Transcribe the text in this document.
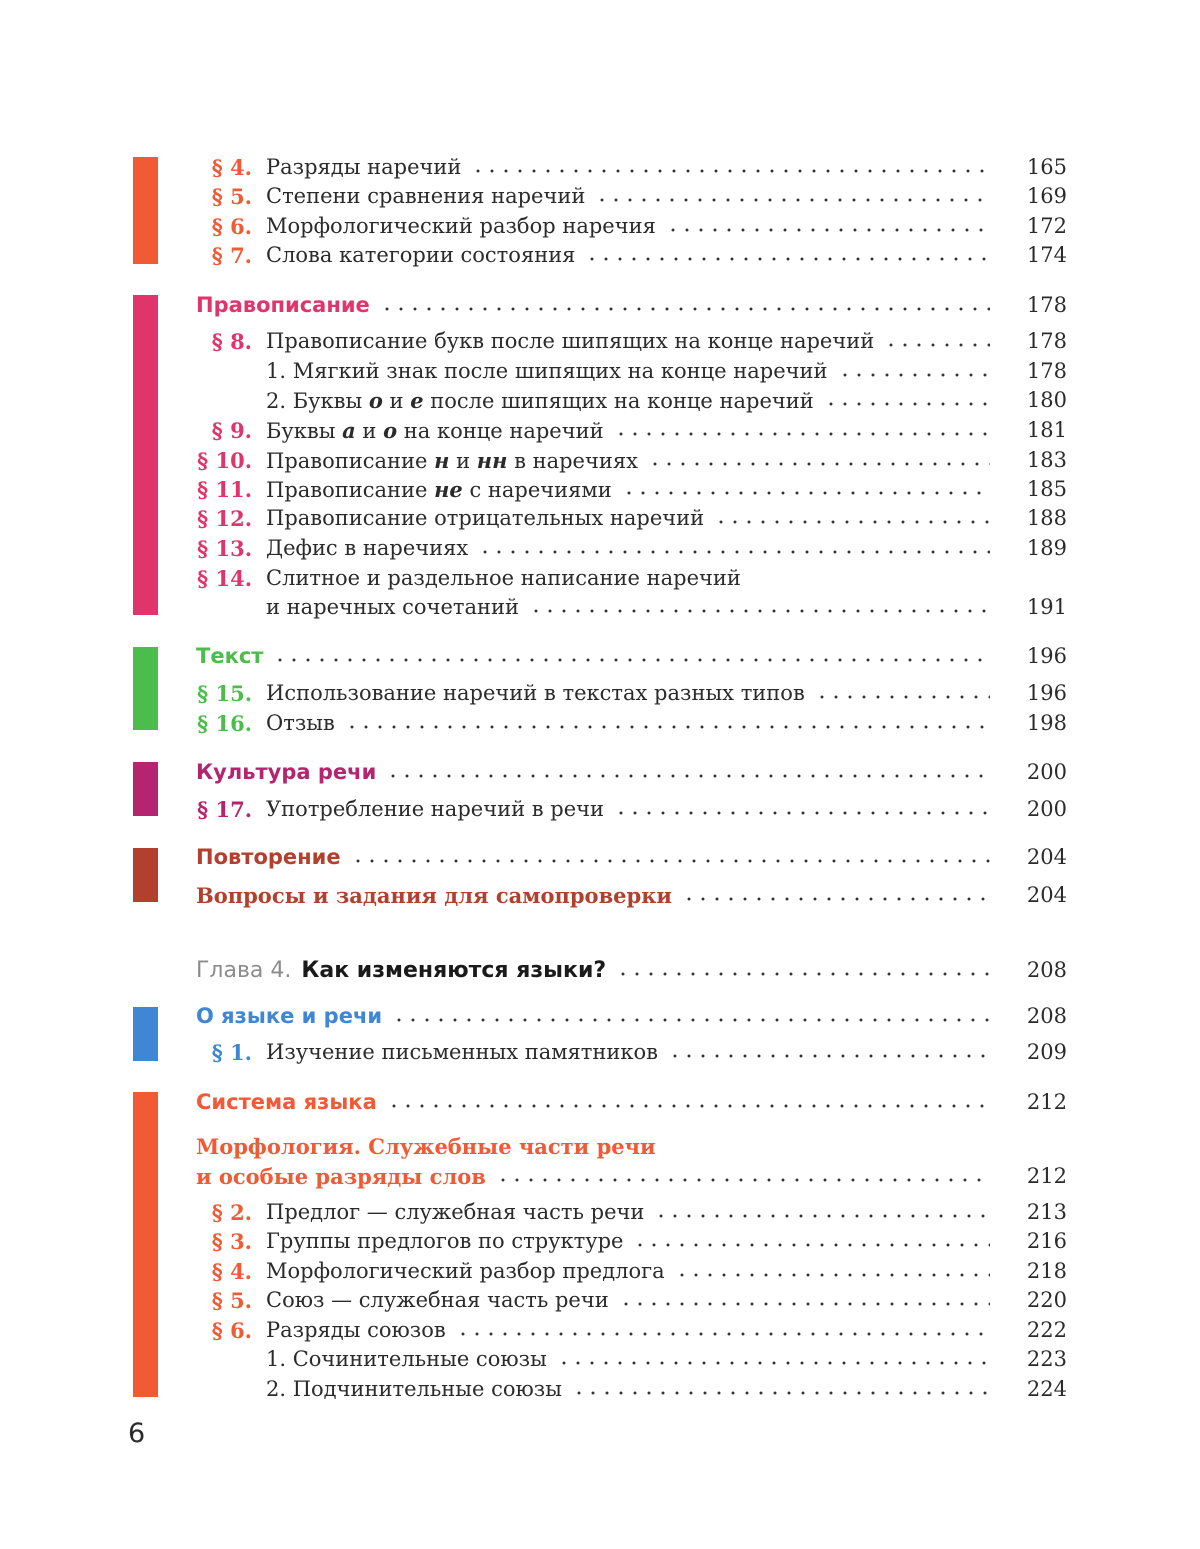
§ 4. Разряды наречий	165
§ 5. Степени сравнения наречий	169
§ 6. Морфологический разбор наречия	172
§ 7. Слова категории состояния	174
Правописание	178
§ 8. Правописание букв после шипящих на конце наречий	178
1. Мягкий знак после шипящих на конце наречий	178
2. Буквы о и е после шипящих на конце наречий	180
§ 9. Буквы а и о на конце наречий	181
§ 10. Правописание н и нн в наречиях	183
§ 11. Правописание не с наречиями	185
§ 12. Правописание отрицательных наречий	188
§ 13. Дефис в наречиях	189
§ 14. Слитное и раздельное написание наречий
и наречных сочетаний	191
Текст	196
§ 15. Использование наречий в текстах разных типов	196
§ 16. Отзыв	198
Культура речи	200
§ 17. Употребление наречий в речи	200
Повторение	204
Вопросы и задания для самопроверки	204
Глава 4. Как изменяются языки?	208
О языке и речи	208
§ 1. Изучение письменных памятников	209
Система языка	212
Морфология. Служебные части речи
и особые разряды слов	212
§ 2. Предлог — служебная часть речи	213
§ 3. Группы предлогов по структуре	216
§ 4. Морфологический разбор предлога	218
§ 5. Союз — служебная часть речи	220
§ 6. Разряды союзов	222
1. Сочинительные союзы	223
2. Подчинительные союзы	224
6
